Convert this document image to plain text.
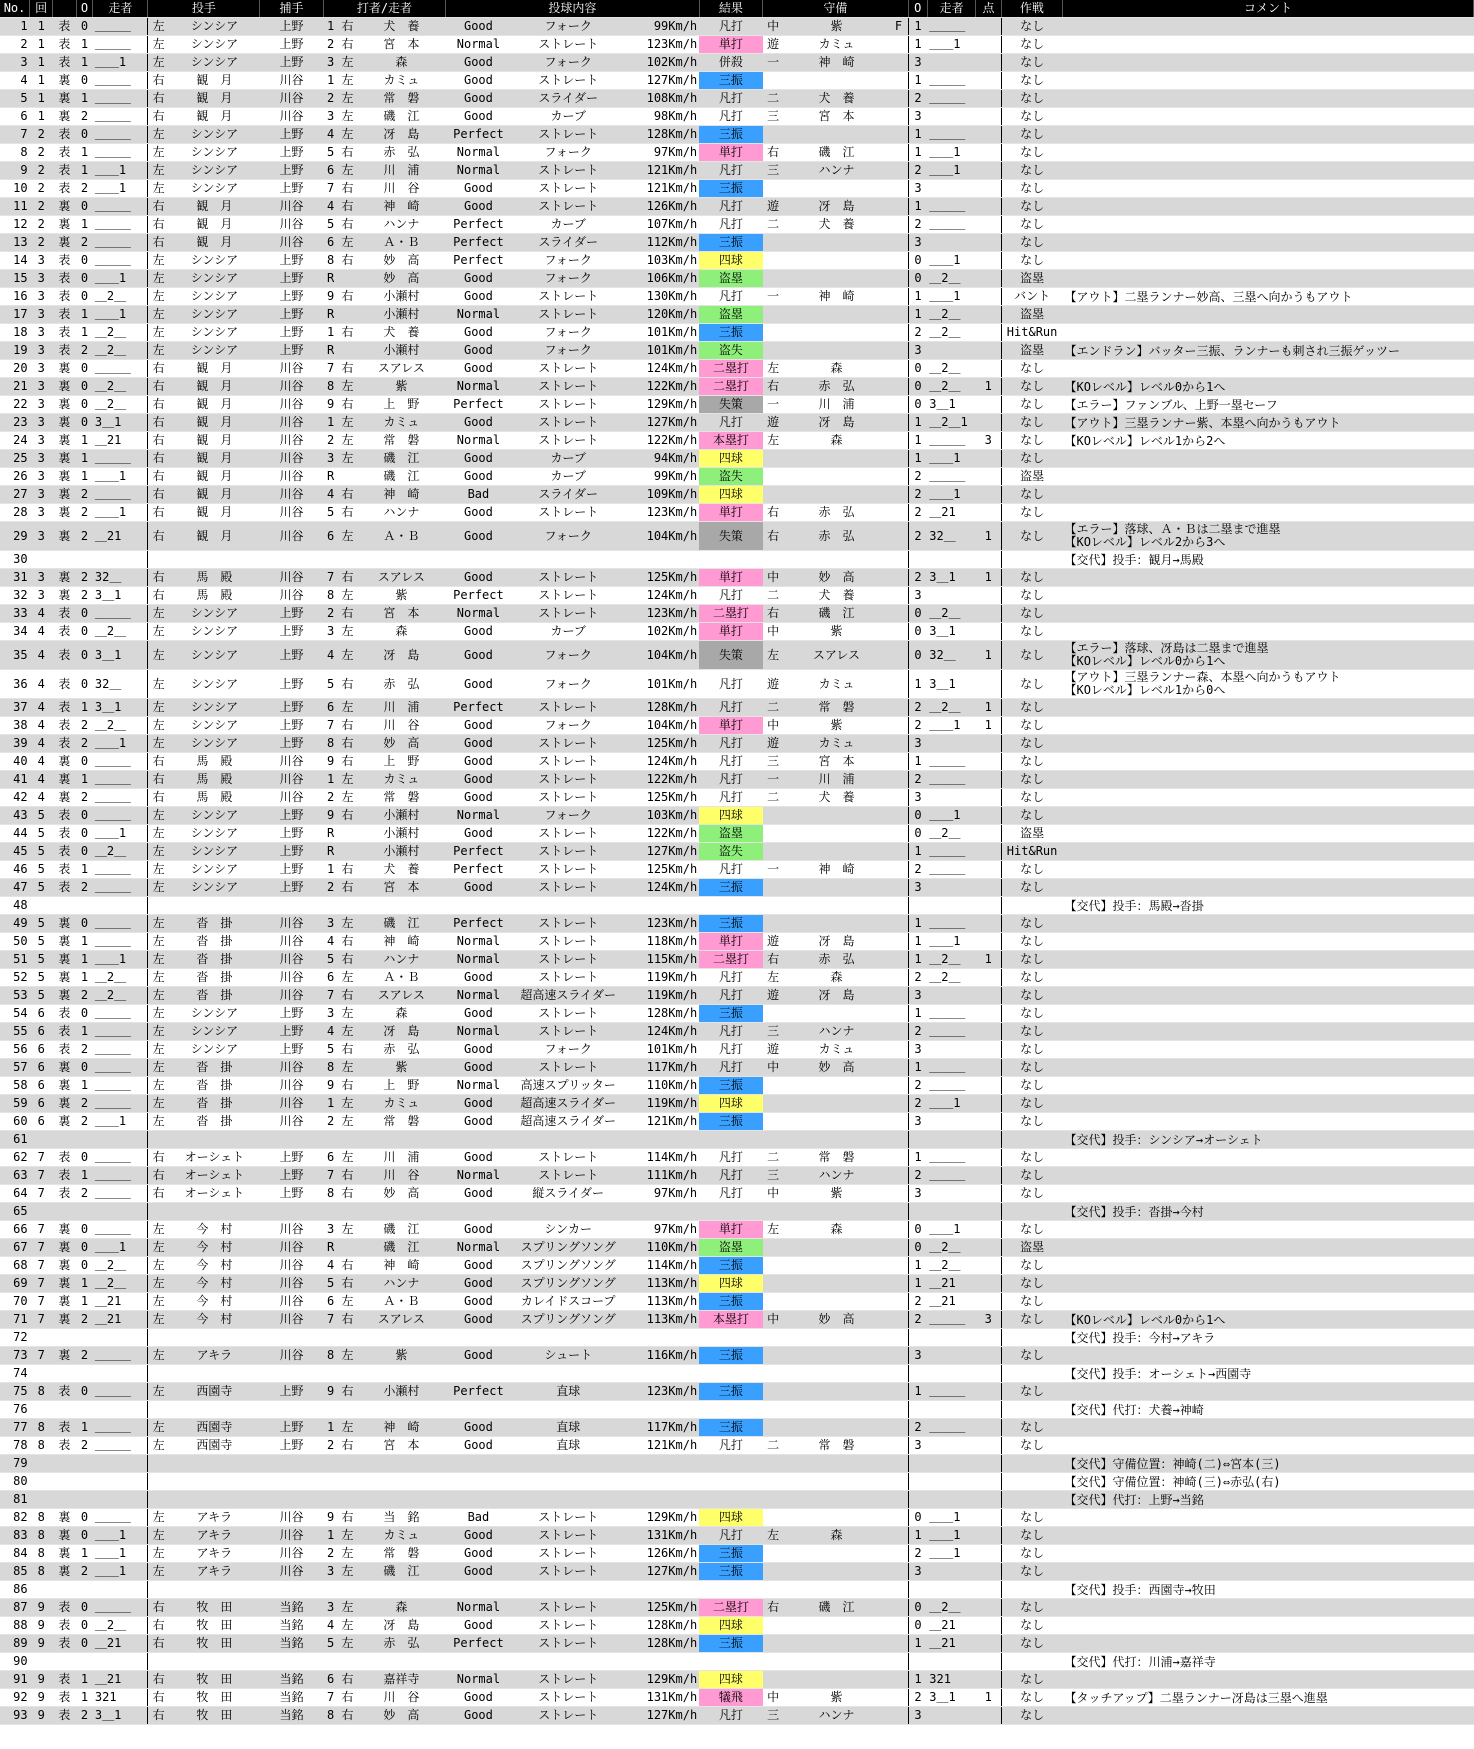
No.	回		O	走者	投手		捕手	打者/走者			投球内容			結果	守備			O	走者	点	作戦	コメント
1	1	表	0	＿＿＿	左	シンシア	上野	1	右	犬　養	Good	フォーク	99Km/h	凡打	中	紫	F	1	＿＿＿		なし	
2	1	表	1	＿＿＿	左	シンシア	上野	2	右	宮　本	Normal	ストレート	123Km/h	単打	遊	カミュ		1	＿＿1		なし	
3	1	表	1	＿＿1	左	シンシア	上野	3	左	森	Good	フォーク	102Km/h	併殺	一	神　崎		3			なし	
4	1	裏	0	＿＿＿	右	観　月	川谷	1	左	カミュ	Good	ストレート	127Km/h	三振				1	＿＿＿		なし	
5	1	裏	1	＿＿＿	右	観　月	川谷	2	左	常　磐	Good	スライダー	108Km/h	凡打	二	犬　養		2	＿＿＿		なし	
6	1	裏	2	＿＿＿	右	観　月	川谷	3	左	磯　江	Good	カーブ	98Km/h	凡打	三	宮　本		3			なし	
7	2	表	0	＿＿＿	左	シンシア	上野	4	左	冴　島	Perfect	ストレート	128Km/h	三振				1	＿＿＿		なし	
8	2	表	1	＿＿＿	左	シンシア	上野	5	右	赤　弘	Normal	フォーク	97Km/h	単打	右	磯　江		1	＿＿1		なし	
9	2	表	1	＿＿1	左	シンシア	上野	6	左	川　浦	Normal	ストレート	121Km/h	凡打	三	ハンナ		2	＿＿1		なし	
10	2	表	2	＿＿1	左	シンシア	上野	7	右	川　谷	Good	ストレート	121Km/h	三振				3			なし	
11	2	裏	0	＿＿＿	右	観　月	川谷	4	右	神　崎	Good	ストレート	126Km/h	凡打	遊	冴　島		1	＿＿＿		なし	
12	2	裏	1	＿＿＿	右	観　月	川谷	5	右	ハンナ	Perfect	カーブ	107Km/h	凡打	二	犬　養		2	＿＿＿		なし	
13	2	裏	2	＿＿＿	右	観　月	川谷	6	左	Ａ・Ｂ	Perfect	スライダー	112Km/h	三振				3			なし	
14	3	表	0	＿＿＿	左	シンシア	上野	8	右	妙　高	Perfect	フォーク	103Km/h	四球				0	＿＿1		なし	
15	3	表	0	＿＿1	左	シンシア	上野	R		妙　高	Good	フォーク	106Km/h	盗塁				0	＿2＿		盗塁	
16	3	表	0	＿2＿	左	シンシア	上野	9	右	小瀬村	Good	ストレート	130Km/h	凡打	一	神　崎		1	＿＿1		バント	【アウト】二塁ランナー妙高、三塁へ向かうもアウト
17	3	表	1	＿＿1	左	シンシア	上野	R		小瀬村	Normal	ストレート	120Km/h	盗塁				1	＿2＿		盗塁	
18	3	表	1	＿2＿	左	シンシア	上野	1	右	犬　養	Good	フォーク	101Km/h	三振				2	＿2＿		Hit&Run	
19	3	表	2	＿2＿	左	シンシア	上野	R		小瀬村	Good	フォーク	101Km/h	盗失				3			盗塁	【エンドラン】バッター三振、ランナーも刺され三振ゲッツー
20	3	裏	0	＿＿＿	右	観　月	川谷	7	右	スアレス	Good	ストレート	124Km/h	二塁打	左	森		0	＿2＿		なし	
21	3	裏	0	＿2＿	右	観　月	川谷	8	左	紫	Normal	ストレート	122Km/h	二塁打	右	赤　弘		0	＿2＿	1	なし	【KOレベル】レベル0から1へ
22	3	裏	0	＿2＿	右	観　月	川谷	9	右	上　野	Perfect	ストレート	129Km/h	失策	一	川　浦		0	3＿1		なし	【エラー】ファンブル、上野一塁セーフ
23	3	裏	0	3＿1	右	観　月	川谷	1	左	カミュ	Good	ストレート	127Km/h	凡打	遊	冴　島		1	＿2＿1		なし	【アウト】三塁ランナー紫、本塁へ向かうもアウト
24	3	裏	1	＿21	右	観　月	川谷	2	左	常　磐	Normal	ストレート	122Km/h	本塁打	左	森		1	＿＿＿	3	なし	【KOレベル】レベル1から2へ
25	3	裏	1	＿＿＿	右	観　月	川谷	3	左	磯　江	Good	カーブ	94Km/h	四球				1	＿＿1		なし	
26	3	裏	1	＿＿1	右	観　月	川谷	R		磯　江	Good	カーブ	99Km/h	盗失				2	＿＿＿		盗塁	
27	3	裏	2	＿＿＿	右	観　月	川谷	4	右	神　崎	Bad	スライダー	109Km/h	四球				2	＿＿1		なし	
28	3	裏	2	＿＿1	右	観　月	川谷	5	右	ハンナ	Good	ストレート	123Km/h	単打	右	赤　弘		2	＿21		なし	
29	3	裏	2	＿21	右	観　月	川谷	6	左	Ａ・Ｂ	Good	フォーク	104Km/h	失策	右	赤　弘		2	32＿	1	なし	【エラー】落球、Ａ・Ｂは二塁まで進塁
【KOレベル】レベル2から3へ
30																						【交代】投手：観月→馬殿
31	3	裏	2	32＿	右	馬　殿	川谷	7	右	スアレス	Good	ストレート	125Km/h	単打	中	妙　高		2	3＿1	1	なし	
32	3	裏	2	3＿1	右	馬　殿	川谷	8	左	紫	Perfect	ストレート	124Km/h	凡打	二	犬　養		3			なし	
33	4	表	0	＿＿＿	左	シンシア	上野	2	右	宮　本	Normal	ストレート	123Km/h	二塁打	右	磯　江		0	＿2＿		なし	
34	4	表	0	＿2＿	左	シンシア	上野	3	左	森	Good	カーブ	102Km/h	単打	中	紫		0	3＿1		なし	
35	4	表	0	3＿1	左	シンシア	上野	4	左	冴　島	Good	フォーク	104Km/h	失策	左	スアレス		0	32＿	1	なし	【エラー】落球、冴島は二塁まで進塁
【KOレベル】レベル0から1へ
36	4	表	0	32＿	左	シンシア	上野	5	右	赤　弘	Good	フォーク	101Km/h	凡打	遊	カミュ		1	3＿1		なし	【アウト】三塁ランナー森、本塁へ向かうもアウト
【KOレベル】レベル1から0へ
37	4	表	1	3＿1	左	シンシア	上野	6	左	川　浦	Perfect	ストレート	128Km/h	凡打	二	常　磐		2	＿2＿	1	なし	
38	4	表	2	＿2＿	左	シンシア	上野	7	右	川　谷	Good	フォーク	104Km/h	単打	中	紫		2	＿＿1	1	なし	
39	4	表	2	＿＿1	左	シンシア	上野	8	右	妙　高	Good	ストレート	125Km/h	凡打	遊	カミュ		3			なし	
40	4	裏	0	＿＿＿	右	馬　殿	川谷	9	右	上　野	Good	ストレート	124Km/h	凡打	三	宮　本		1	＿＿＿		なし	
41	4	裏	1	＿＿＿	右	馬　殿	川谷	1	左	カミュ	Good	ストレート	122Km/h	凡打	一	川　浦		2	＿＿＿		なし	
42	4	裏	2	＿＿＿	右	馬　殿	川谷	2	左	常　磐	Good	ストレート	125Km/h	凡打	二	犬　養		3			なし	
43	5	表	0	＿＿＿	左	シンシア	上野	9	右	小瀬村	Normal	フォーク	103Km/h	四球				0	＿＿1		なし	
44	5	表	0	＿＿1	左	シンシア	上野	R		小瀬村	Good	ストレート	122Km/h	盗塁				0	＿2＿		盗塁	
45	5	表	0	＿2＿	左	シンシア	上野	R		小瀬村	Perfect	ストレート	127Km/h	盗失				1	＿＿＿		Hit&Run	
46	5	表	1	＿＿＿	左	シンシア	上野	1	右	犬　養	Perfect	ストレート	125Km/h	凡打	一	神　崎		2	＿＿＿		なし	
47	5	表	2	＿＿＿	左	シンシア	上野	2	右	宮　本	Good	ストレート	124Km/h	三振				3			なし	
48																						【交代】投手：馬殿→沓掛
49	5	裏	0	＿＿＿	左	沓　掛	川谷	3	左	磯　江	Perfect	ストレート	123Km/h	三振				1	＿＿＿		なし	
50	5	裏	1	＿＿＿	左	沓　掛	川谷	4	右	神　崎	Normal	ストレート	118Km/h	単打	遊	冴　島		1	＿＿1		なし	
51	5	裏	1	＿＿1	左	沓　掛	川谷	5	右	ハンナ	Normal	ストレート	115Km/h	二塁打	右	赤　弘		1	＿2＿	1	なし	
52	5	裏	1	＿2＿	左	沓　掛	川谷	6	左	Ａ・Ｂ	Good	ストレート	119Km/h	凡打	左	森		2	＿2＿		なし	
53	5	裏	2	＿2＿	左	沓　掛	川谷	7	右	スアレス	Normal	超高速スライダー	119Km/h	凡打	遊	冴　島		3			なし	
54	6	表	0	＿＿＿	左	シンシア	上野	3	左	森	Good	ストレート	128Km/h	三振				1	＿＿＿		なし	
55	6	表	1	＿＿＿	左	シンシア	上野	4	左	冴　島	Normal	ストレート	124Km/h	凡打	三	ハンナ		2	＿＿＿		なし	
56	6	表	2	＿＿＿	左	シンシア	上野	5	右	赤　弘	Good	フォーク	101Km/h	凡打	遊	カミュ		3			なし	
57	6	裏	0	＿＿＿	左	沓　掛	川谷	8	左	紫	Good	ストレート	117Km/h	凡打	中	妙　高		1	＿＿＿		なし	
58	6	裏	1	＿＿＿	左	沓　掛	川谷	9	右	上　野	Normal	高速スプリッター	110Km/h	三振				2	＿＿＿		なし	
59	6	裏	2	＿＿＿	左	沓　掛	川谷	1	左	カミュ	Good	超高速スライダー	119Km/h	四球				2	＿＿1		なし	
60	6	裏	2	＿＿1	左	沓　掛	川谷	2	左	常　磐	Good	超高速スライダー	121Km/h	三振				3			なし	
61																						【交代】投手：シンシア→オーシェト
62	7	表	0	＿＿＿	右	オーシェト	上野	6	左	川　浦	Good	ストレート	114Km/h	凡打	二	常　磐		1	＿＿＿		なし	
63	7	表	1	＿＿＿	右	オーシェト	上野	7	右	川　谷	Normal	ストレート	111Km/h	凡打	三	ハンナ		2	＿＿＿		なし	
64	7	表	2	＿＿＿	右	オーシェト	上野	8	右	妙　高	Good	縦スライダー	97Km/h	凡打	中	紫		3			なし	
65																						【交代】投手：沓掛→今村
66	7	裏	0	＿＿＿	左	今　村	川谷	3	左	磯　江	Good	シンカー	97Km/h	単打	左	森		0	＿＿1		なし	
67	7	裏	0	＿＿1	左	今　村	川谷	R		磯　江	Normal	スプリングソング	110Km/h	盗塁				0	＿2＿		盗塁	
68	7	裏	0	＿2＿	左	今　村	川谷	4	右	神　崎	Good	スプリングソング	114Km/h	三振				1	＿2＿		なし	
69	7	裏	1	＿2＿	左	今　村	川谷	5	右	ハンナ	Good	スプリングソング	113Km/h	四球				1	＿21		なし	
70	7	裏	1	＿21	左	今　村	川谷	6	左	Ａ・Ｂ	Good	カレイドスコープ	113Km/h	三振				2	＿21		なし	
71	7	裏	2	＿21	左	今　村	川谷	7	右	スアレス	Good	スプリングソング	113Km/h	本塁打	中	妙　高		2	＿＿＿	3	なし	【KOレベル】レベル0から1へ
72																						【交代】投手：今村→アキラ
73	7	裏	2	＿＿＿	左	アキラ	川谷	8	左	紫	Good	シュート	116Km/h	三振				3			なし	
74																						【交代】投手：オーシェト→西園寺
75	8	表	0	＿＿＿	左	西園寺	上野	9	右	小瀬村	Perfect	直球	123Km/h	三振				1	＿＿＿		なし	
76																						【交代】代打：犬養→神崎
77	8	表	1	＿＿＿	左	西園寺	上野	1	左	神　崎	Good	直球	117Km/h	三振				2	＿＿＿		なし	
78	8	表	2	＿＿＿	左	西園寺	上野	2	右	宮　本	Good	直球	121Km/h	凡打	二	常　磐		3			なし	
79																						【交代】守備位置：神崎(二)⇔宮本(三)
80																						【交代】守備位置：神崎(三)⇔赤弘(右)
81																						【交代】代打：上野→当銘
82	8	裏	0	＿＿＿	左	アキラ	川谷	9	右	当　銘	Bad	ストレート	129Km/h	四球				0	＿＿1		なし	
83	8	裏	0	＿＿1	左	アキラ	川谷	1	左	カミュ	Good	ストレート	131Km/h	凡打	左	森		1	＿＿1		なし	
84	8	裏	1	＿＿1	左	アキラ	川谷	2	左	常　磐	Good	ストレート	126Km/h	三振				2	＿＿1		なし	
85	8	裏	2	＿＿1	左	アキラ	川谷	3	左	磯　江	Good	ストレート	127Km/h	三振				3			なし	
86																						【交代】投手：西園寺→牧田
87	9	表	0	＿＿＿	右	牧　田	当銘	3	左	森	Normal	ストレート	125Km/h	二塁打	右	磯　江		0	＿2＿		なし	
88	9	表	0	＿2＿	右	牧　田	当銘	4	左	冴　島	Good	ストレート	128Km/h	四球				0	＿21		なし	
89	9	表	0	＿21	右	牧　田	当銘	5	左	赤　弘	Perfect	ストレート	128Km/h	三振				1	＿21		なし	
90																						【交代】代打：川浦→嘉祥寺
91	9	表	1	＿21	右	牧　田	当銘	6	右	嘉祥寺	Normal	ストレート	129Km/h	四球				1	321		なし	
92	9	表	1	321	右	牧　田	当銘	7	右	川　谷	Good	ストレート	131Km/h	犠飛	中	紫		2	3＿1	1	なし	【タッチアップ】二塁ランナー冴島は三塁へ進塁
93	9	表	2	3＿1	右	牧　田	当銘	8	右	妙　高	Good	ストレート	127Km/h	凡打	三	ハンナ		3			なし	
